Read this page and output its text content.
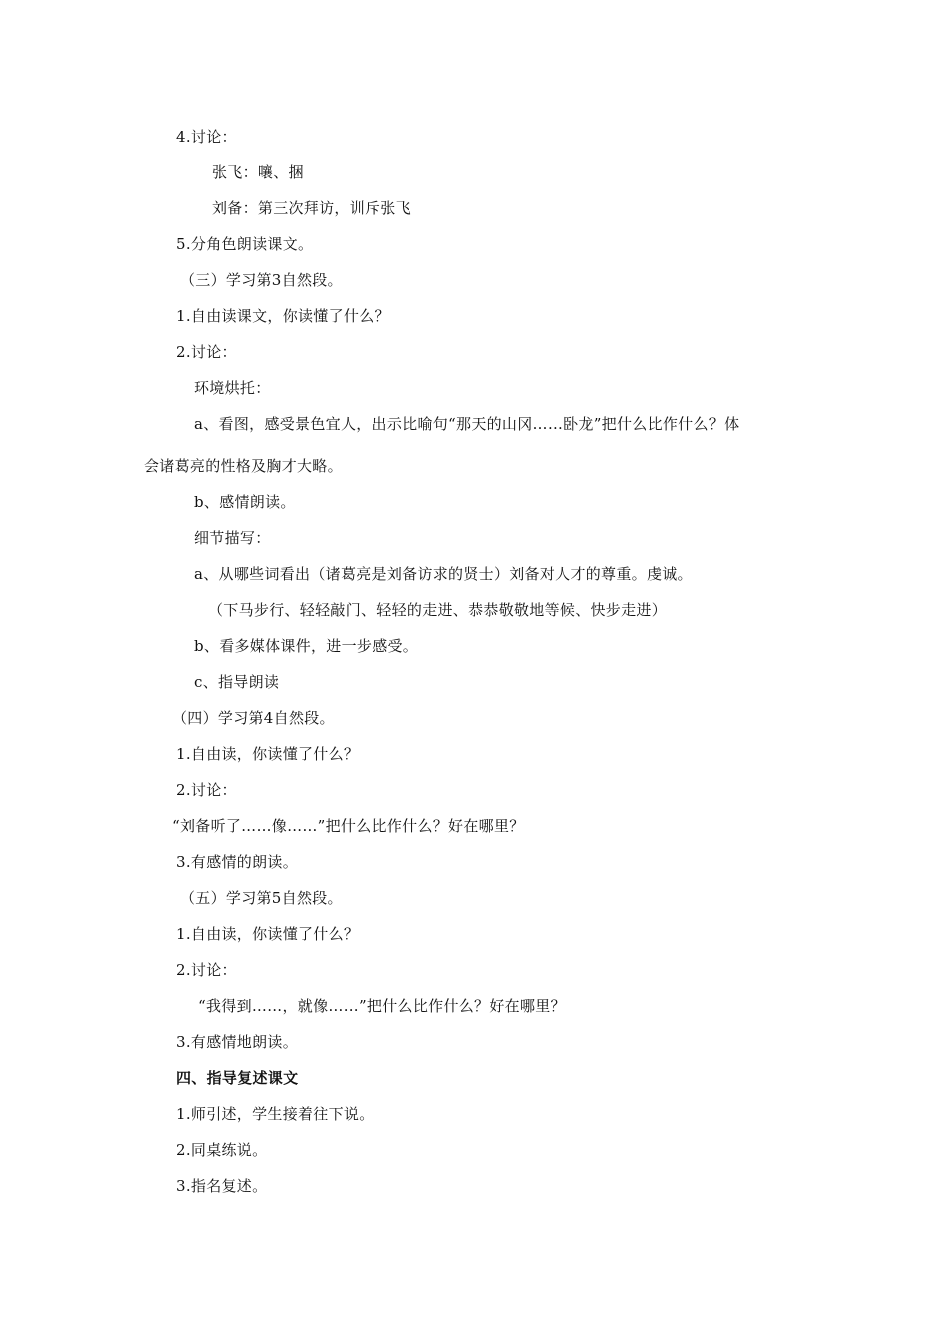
4.讨论：
张飞：嚷、捆
刘备：第三次拜访，训斥张飞
5.分角色朗读课文。
（三）学习第3自然段。
1.自由读课文，你读懂了什么？
2.讨论：
环境烘托：
a、看图，感受景色宜人，出示比喻句“那天的山冈……卧龙”把什么比作什么？体
会诸葛亮的性格及胸才大略。
b、感情朗读。
细节描写：
a、从哪些词看出（诸葛亮是刘备访求的贤士）刘备对人才的尊重。虔诚。
（下马步行、轻轻敲门、轻轻的走进、恭恭敬敬地等候、快步走进）
b、看多媒体课件，进一步感受。
c、指导朗读
（四）学习第4自然段。
1.自由读，你读懂了什么？
2.讨论：
“刘备听了……像……”把什么比作什么？好在哪里？
3.有感情的朗读。
（五）学习第5自然段。
1.自由读，你读懂了什么？
2.讨论：
“我得到……，就像……”把什么比作什么？好在哪里？
3.有感情地朗读。
四、指导复述课文
1.师引述，学生接着往下说。
2.同桌练说。
3.指名复述。
